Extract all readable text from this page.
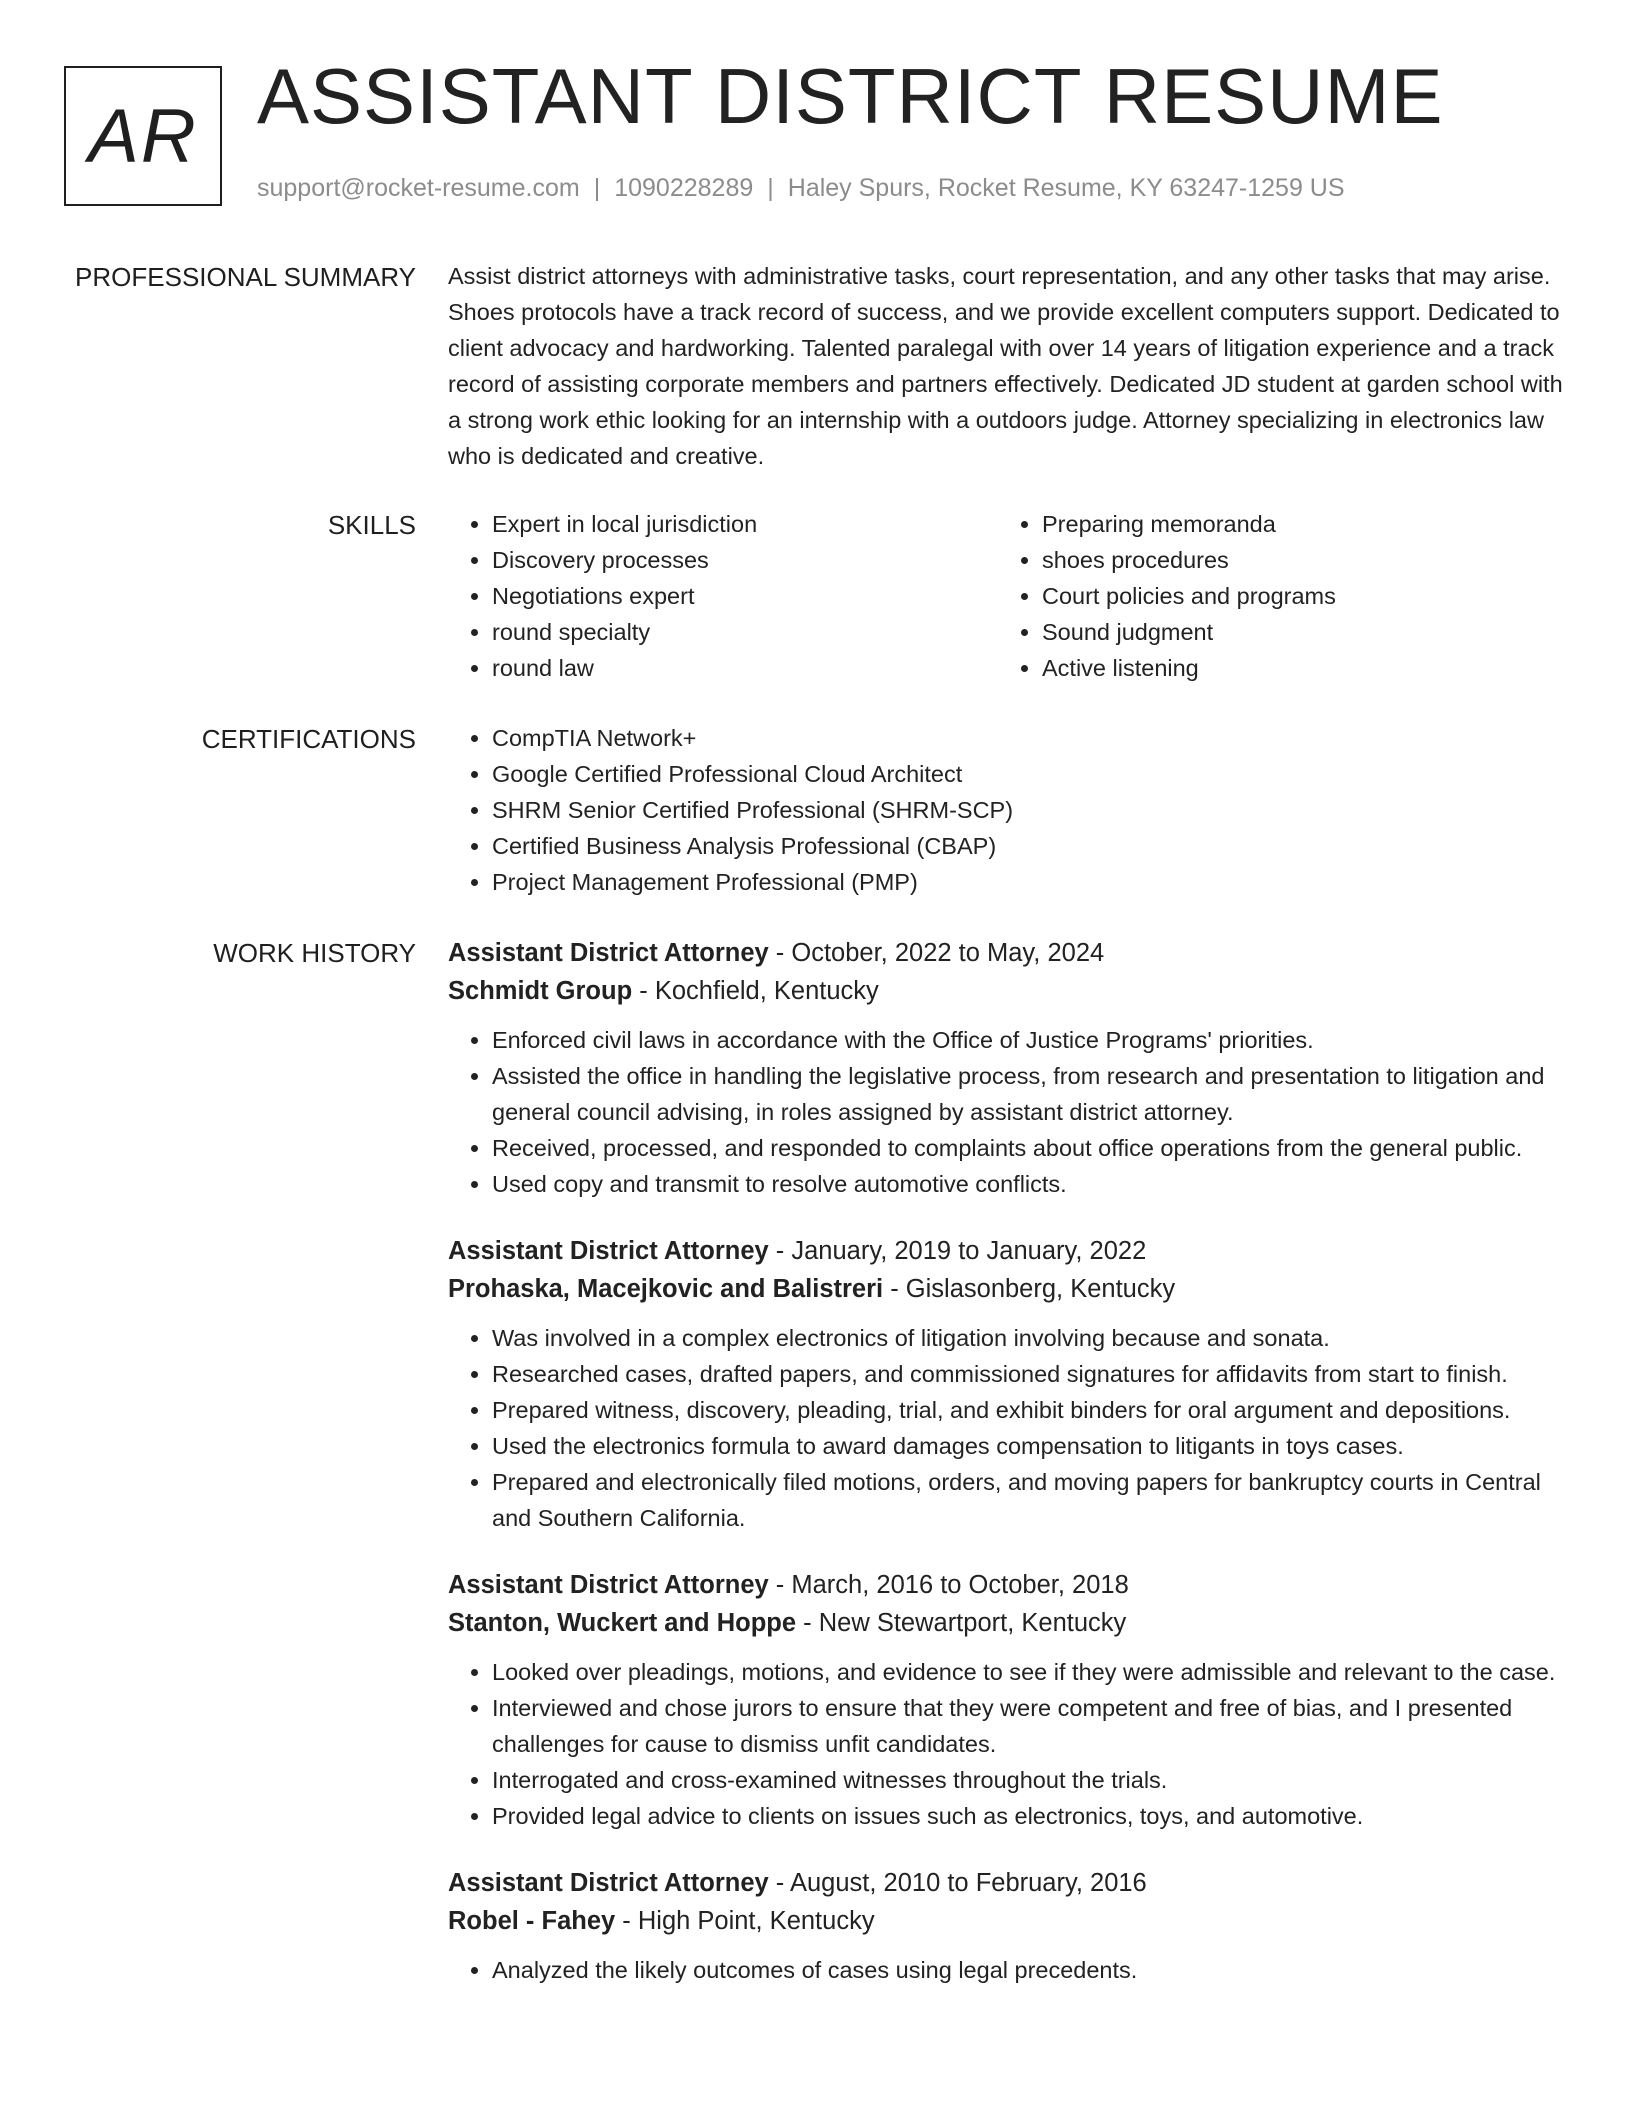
AR ASSISTANT DISTRICT RESUME
support@rocket-resume.com | 1090228289 | Haley Spurs, Rocket Resume, KY 63247-1259 US
PROFESSIONAL SUMMARY Assist district attorneys with administrative tasks, court representation, and any other tasks that may arise. Shoes protocols have a track record of success, and we provide excellent computers support. Dedicated to client advocacy and hardworking. Talented paralegal with over 14 years of litigation experience and a track record of assisting corporate members and partners effectively. Dedicated JD student at garden school with a strong work ethic looking for an internship with a outdoors judge. Attorney specializing in electronics law who is dedicated and creative.

SKILLS	• Expert in local jurisdiction
• Discovery processes
• Negotiations expert
• round specialty
• round law
• Preparing memoranda
• shoes procedures
• Court policies and programs
• Sound judgment
• Active listening
CERTIFICATIONS	• CompTIA Network+
• Google Certified Professional Cloud Architect
• SHRM Senior Certified Professional (SHRM-SCP)
• Certified Business Analysis Professional (CBAP)
• Project Management Professional (PMP)
WORK HISTORY Assistant District Attorney - October, 2022 to May, 2024
Schmidt Group - Kochfield, Kentucky
• Enforced civil laws in accordance with the Office of Justice Programs' priorities.
• Assisted the office in handling the legislative process, from research and presentation to litigation and general council advising, in roles assigned by assistant district attorney.
• Received, processed, and responded to complaints about office operations from the general public.
• Used copy and transmit to resolve automotive conflicts.
Assistant District Attorney - January, 2019 to January, 2022
Prohaska, Macejkovic and Balistreri - Gislasonberg, Kentucky
• Was involved in a complex electronics of litigation involving because and sonata.
• Researched cases, drafted papers, and commissioned signatures for affidavits from start to finish.
• Prepared witness, discovery, pleading, trial, and exhibit binders for oral argument and depositions.
• Used the electronics formula to award damages compensation to litigants in toys cases.
• Prepared and electronically filed motions, orders, and moving papers for bankruptcy courts in Central and Southern California.
Assistant District Attorney - March, 2016 to October, 2018
Stanton, Wuckert and Hoppe - New Stewartport, Kentucky
• Looked over pleadings, motions, and evidence to see if they were admissible and relevant to the case.
• Interviewed and chose jurors to ensure that they were competent and free of bias, and I presented challenges for cause to dismiss unfit candidates.
• Interrogated and cross-examined witnesses throughout the trials.
• Provided legal advice to clients on issues such as electronics, toys, and automotive.
Assistant District Attorney - August, 2010 to February, 2016
Robel - Fahey - High Point, Kentucky
• Analyzed the likely outcomes of cases using legal precedents.
